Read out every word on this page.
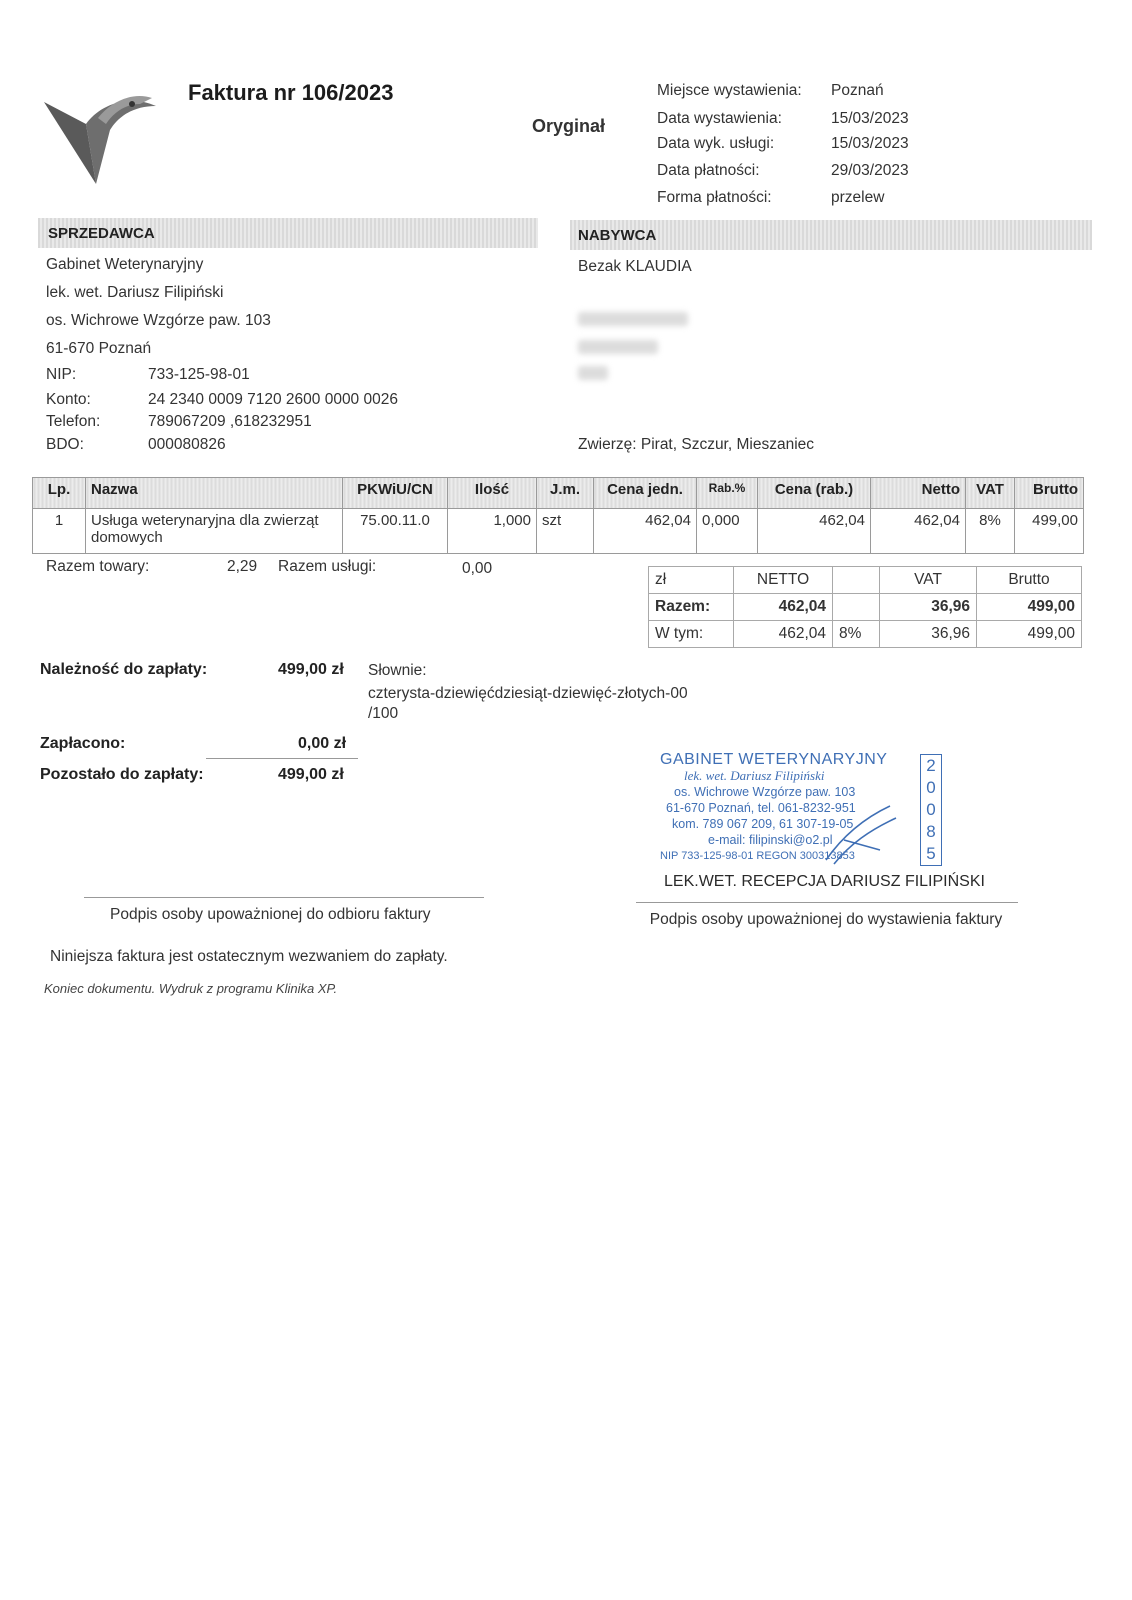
Faktura nr 106/2023
Oryginał
Miejsce wystawienia: Poznań
Data wystawienia:	15/03/2023
Data wyk. usługi:	15/03/2023
Data płatności:	29/03/2023
Forma płatności:	przelew
SPRZEDAWCA
Gabinet Weterynaryjny
lek. wet. Dariusz Filipiński
os. Wichrowe Wzgórze paw. 103
61-670 Poznań
NIP:	733-125-98-01
Konto:	24 2340 0009 7120 2600 0000 0026
Telefon:	789067209 ,618232951
BDO:	000080826
NABYWCA
Bezak KLAUDIA
Zwierzę: Pirat, Szczur, Mieszaniec
Lp.	Nazwa	PKWiU/CN	Ilość	J.m.	Cena jedn.	Rab.%	Cena (rab.)	Netto	VAT	Brutto
1	Usługa weterynaryjna dla zwierząt domowych	75.00.11.0	1,000	szt	462,04	0,000	462,04	462,04	8%	499,00
Razem towary:	2,29 Razem usługi:	0,00
zł	NETTO		VAT	Brutto
Razem:	462,04		36,96	499,00
W tym:	462,04	8%	36,96	499,00
Należność do zapłaty:	499,00 zł Słownie:
czterysta-dziewięćdziesiąt-dziewięć-złotych-00 /100
Zapłacono:	0,00 zł
Pozostało do zapłaty:	499,00 zł
GABINET WETERYNARYJNY
lek. wet. Dariusz Filipiński
os. Wichrowe Wzgórze paw. 103
61-670 Poznań, tel. 061-8232-951
kom. 789 067 209, 61 307-19-05
e-mail: filipinski@o2.pl
NIP 733-125-98-01 REGON 300313853
2
0
0
8
5
LEK.WET. RECEPCJA DARIUSZ FILIPIŃSKI
Podpis osoby upoważnionej do odbioru faktury	Podpis osoby upoważnionej do wystawienia faktury
Niniejsza faktura jest ostatecznym wezwaniem do zapłaty.
Koniec dokumentu. Wydruk z programu Klinika XP.
